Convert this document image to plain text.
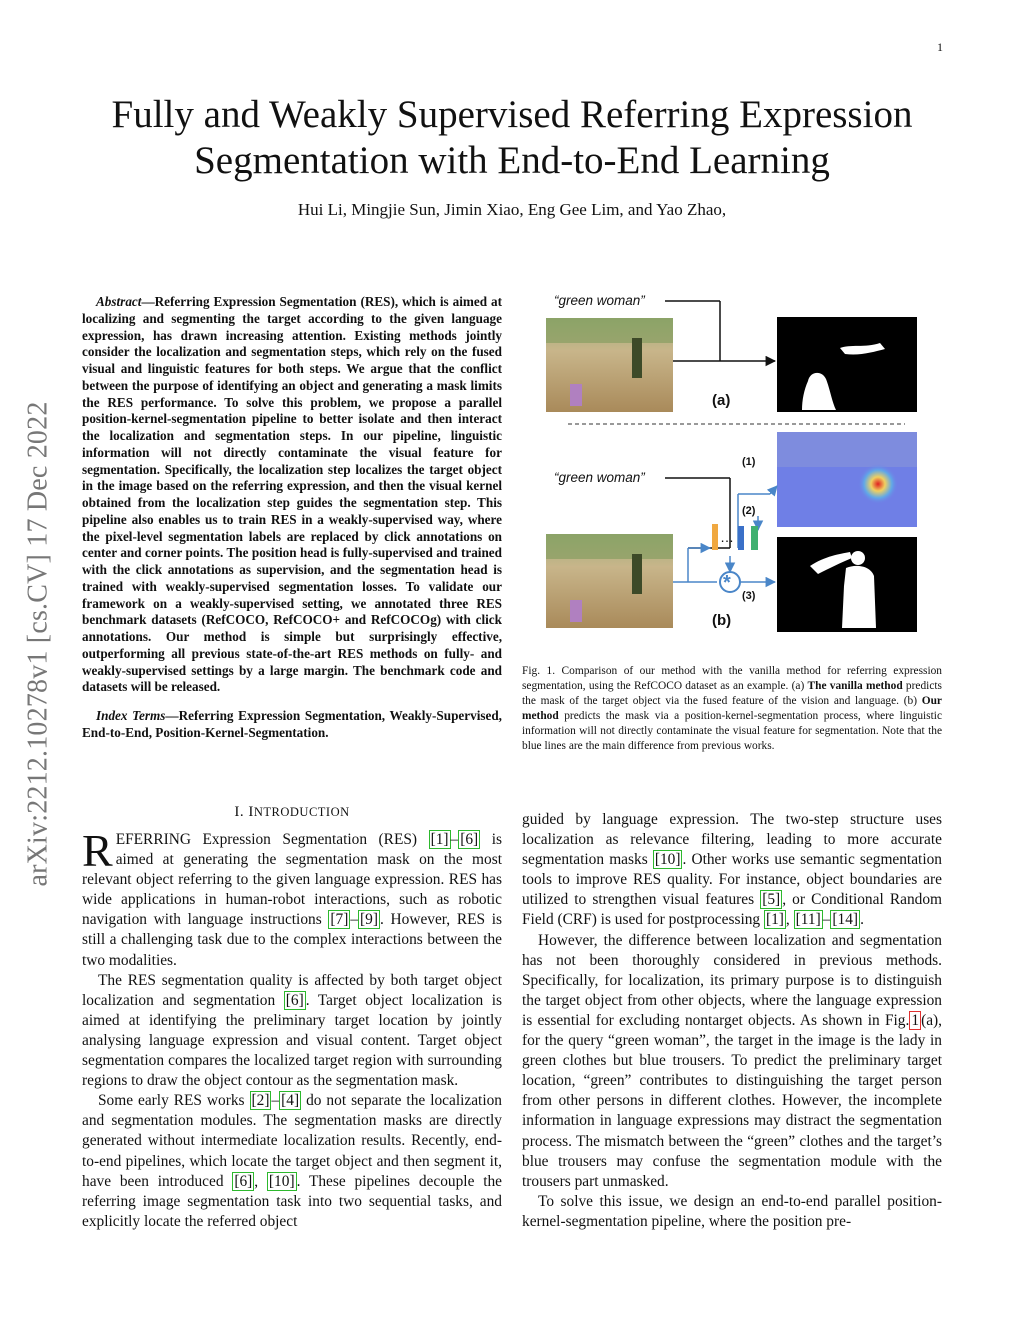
1
arXiv:2212.10278v1 [cs.CV] 17 Dec 2022
Fully and Weakly Supervised Referring Expression Segmentation with End-to-End Learning
Hui Li, Mingjie Sun, Jimin Xiao, Eng Gee Lim, and Yao Zhao,

Abstract—Referring Expression Segmentation (RES), which is aimed at localizing and segmenting the target according to the given language expression, has drawn increasing attention. Existing methods jointly consider the localization and segmentation steps, which rely on the fused visual and linguistic features for both steps. We argue that the conflict between the purpose of identifying an object and generating a mask limits the RES performance. To solve this problem, we propose a parallel position-kernel-segmentation pipeline to better isolate and then interact the localization and segmentation steps. In our pipeline, linguistic information will not directly contaminate the visual feature for segmentation. Specifically, the localization step localizes the target object in the image based on the referring expression, and then the visual kernel obtained from the localization step guides the segmentation step. This pipeline also enables us to train RES in a weakly-supervised way, where the pixel-level segmentation labels are replaced by click annotations on center and corner points. The position head is fully-supervised and trained with the click annotations as supervision, and the segmentation head is trained with weakly-supervised segmentation losses. To validate our framework on a weakly-supervised setting, we annotated three RES benchmark datasets (RefCOCO, RefCOCO+ and RefCOCOg) with click annotations. Our method is simple but surprisingly effective, outperforming all previous state-of-the-art RES methods on fully- and weakly-supervised settings by a large margin. The benchmark code and datasets will be released.

Index Terms—Referring Expression Segmentation, Weakly-Supervised, End-to-End, Position-Kernel-Segmentation.

…
*
“green woman”
(a)
“green woman”
(1)
(2)
(3)
(b)
Fig. 1. Comparison of our method with the vanilla method for referring expression segmentation, using the RefCOCO dataset as an example. (a) The vanilla method predicts the mask of the target object via the fused feature of the vision and language. (b) Our method predicts the mask via a position-kernel-segmentation process, where linguistic information will not directly contaminate the visual feature for segmentation. Note that the blue lines are the main difference from previous works.
I. INTRODUCTION

REFERRING Expression Segmentation (RES) [1] – [6] is aimed at generating the segmentation mask on the most relevant object referring to the given language expression. RES has wide applications in human-robot interactions, such as robotic navigation with language instructions [7] – [9] . However, RES is still a challenging task due to the complex interactions between the two modalities.

The RES segmentation quality is affected by both target object localization and segmentation [6] . Target object localization is aimed at identifying the preliminary target location by jointly analysing language expression and visual content. Target object segmentation compares the localized target region with surrounding regions to draw the object contour as the segmentation mask.

Some early RES works [2] – [4] do not separate the localization and segmentation modules. The segmentation masks are directly generated without intermediate localization results. Recently, end-to-end pipelines, which locate the target object and then segment it, have been introduced [6] , [10] . These pipelines decouple the referring image segmentation task into two sequential tasks, and explicitly locate the referred object

guided by language expression. The two-step structure uses localization as relevance filtering, leading to more accurate segmentation masks [10] . Other works use semantic segmentation tools to improve RES quality. For instance, object boundaries are utilized to strengthen visual features [5] , or Conditional Random Field (CRF) is used for postprocessing [1] , [11] – [14] .

However, the difference between localization and segmentation has not been thoroughly considered in previous methods. Specifically, for localization, its primary purpose is to distinguish the target object from other objects, where the language expression is essential for excluding nontarget objects. As shown in Fig. 1 (a), for the query “green woman”, the target in the image is the lady in green clothes but blue trousers. To predict the preliminary target location, “green” contributes to distinguishing the target person from other persons in different clothes. However, the incomplete information in language expressions may distract the segmentation process. The mismatch between the “green” clothes and the target’s blue trousers may confuse the segmentation module with the trousers part unmasked.

To solve this issue, we design an end-to-end parallel position-kernel-segmentation pipeline, where the position pre-
